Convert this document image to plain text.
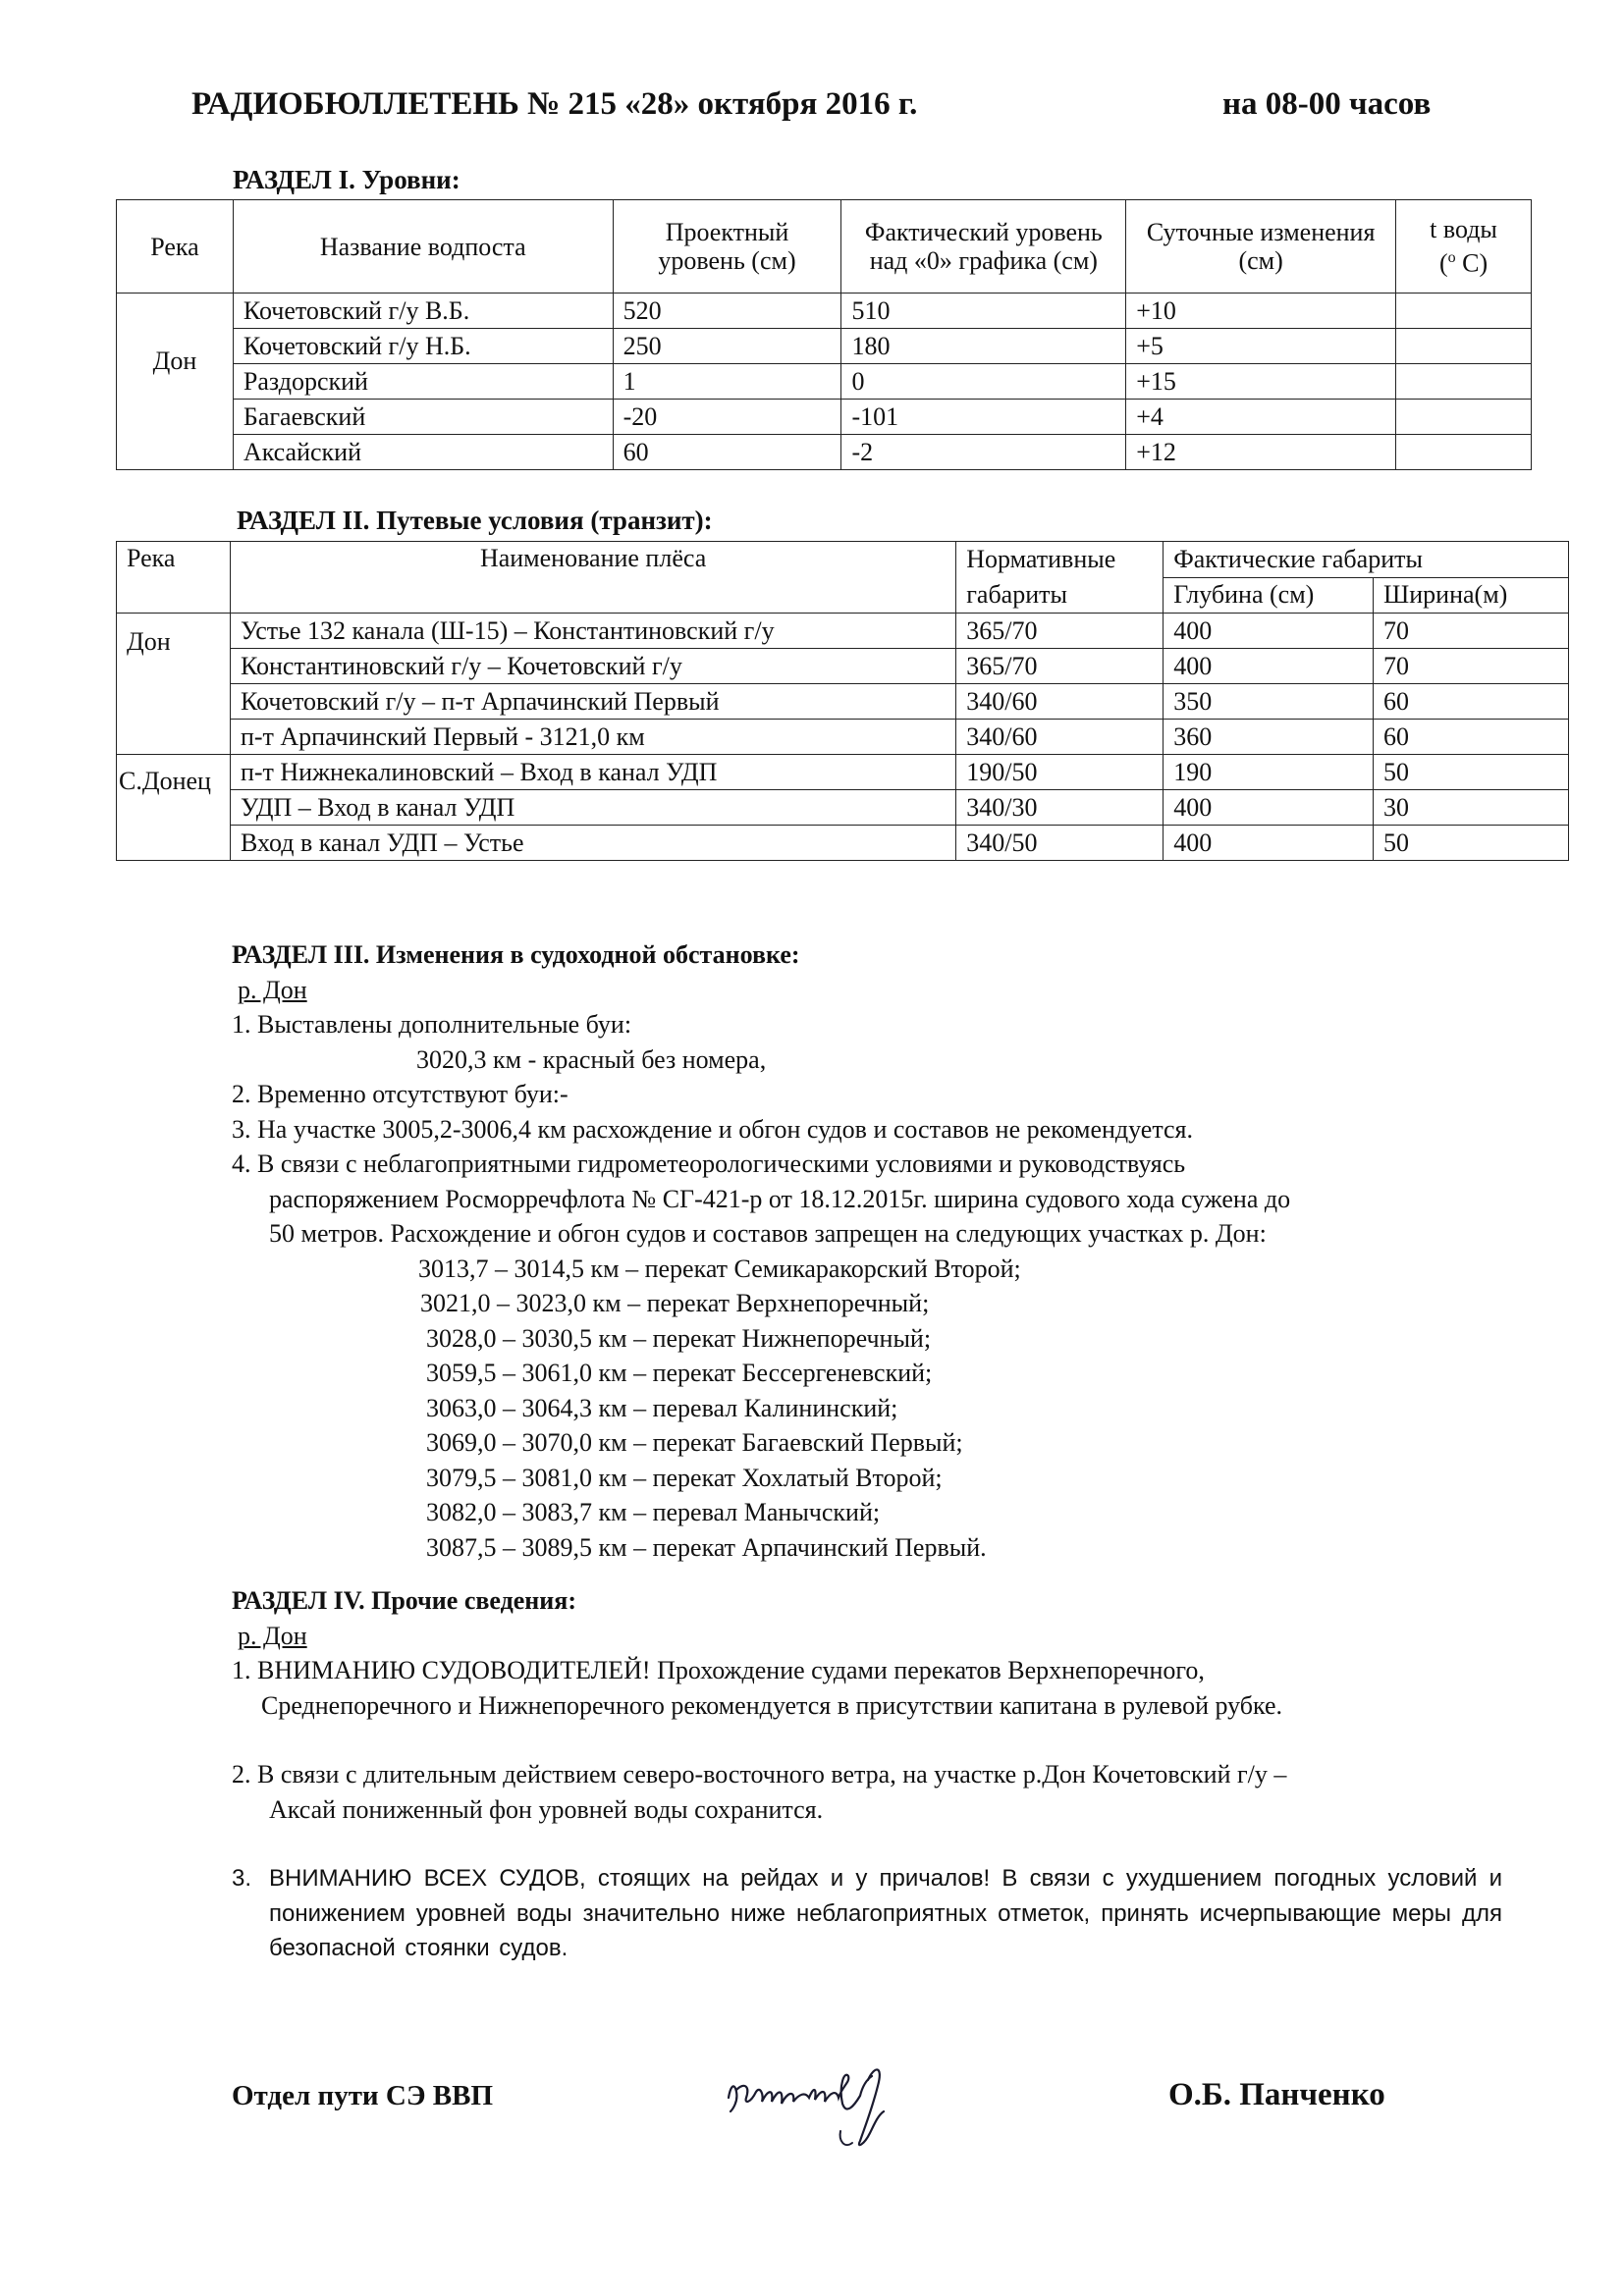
РАДИОБЮЛЛЕТЕНЬ № 215 «28» октября 2016 г.	на 08-00 часов
РАЗДЕЛ I. Уровни:
Река	Название водпоста	Проектный уровень (см)	Фактический уровень над «0» графика (см)	Суточные изменения (см)	t воды
($^o$ C)
Дон	Кочетовский г/у В.Б.	520	510	+10	
	Кочетовский г/у Н.Б.	250	180	+5	
	Раздорский	1	0	+15	
	Багаевский	-20	-101	+4	
	Аксайский	60	-2	+12	
РАЗДЕЛ II. Путевые условия (транзит):
Река	Наименование плёса	Нормативные габариты	Фактические габариты	
			Глубина (см)	Ширина(м)
Дон	Устье 132 канала (Ш-15) – Константиновский г/у	365/70	400	70
	Константиновский г/у – Кочетовский г/у	365/70	400	70
	Кочетовский г/у – п-т Арпачинский Первый	340/60	350	60
	п-т Арпачинский Первый - 3121,0 км	340/60	360	60
С.Донец	п-т Нижнекалиновский – Вход в канал УДП	190/50	190	50
	УДП – Вход в канал УДП	340/30	400	30
	Вход в канал УДП – Устье	340/50	400	50
РАЗДЕЛ III. Изменения в судоходной обстановке:
р. Дон
1. Выставлены дополнительные буи:
3020,3 км - красный без номера,
2. Временно отсутствуют буи:-
3. На участке 3005,2-3006,4 км расхождение и обгон судов и составов не рекомендуется.
4. В связи с неблагоприятными гидрометеорологическими условиями и руководствуясь
распоряжением Росморречфлота № СГ-421-р от 18.12.2015г. ширина судового хода сужена до
50 метров. Расхождение и обгон судов и составов запрещен на следующих участках р. Дон:
3013,7 – 3014,5 км – перекат Семикаракорский Второй;
3021,0 – 3023,0 км – перекат Верхнепоречный;
3028,0 – 3030,5 км – перекат Нижнепоречный;
3059,5 – 3061,0 км – перекат Бессергеневский;
3063,0 – 3064,3 км – перевал Калининский;
3069,0 – 3070,0 км – перекат Багаевский Первый;
3079,5 – 3081,0 км – перекат Хохлатый Второй;
3082,0 – 3083,7 км – перевал Манычский;
3087,5 – 3089,5 км – перекат Арпачинский Первый.
РАЗДЕЛ IV. Прочие сведения:
р. Дон
1. ВНИМАНИЮ СУДОВОДИТЕЛЕЙ! Прохождение судами перекатов Верхнепоречного,
Среднепоречного и Нижнепоречного рекомендуется в присутствии капитана в рулевой рубке.
2. В связи с длительным действием северо-восточного ветра, на участке р.Дон Кочетовский г/у –
Аксай пониженный фон уровней воды сохранится.
3. ВНИМАНИЮ ВСЕХ СУДОВ, стоящих на рейдах и у причалов! В связи с ухудшением погодных условий и понижением уровней воды значительно ниже неблагоприятных отметок, принять исчерпывающие меры для безопасной стоянки судов.
Отдел пути СЭ ВВП	О.Б. Панченко
